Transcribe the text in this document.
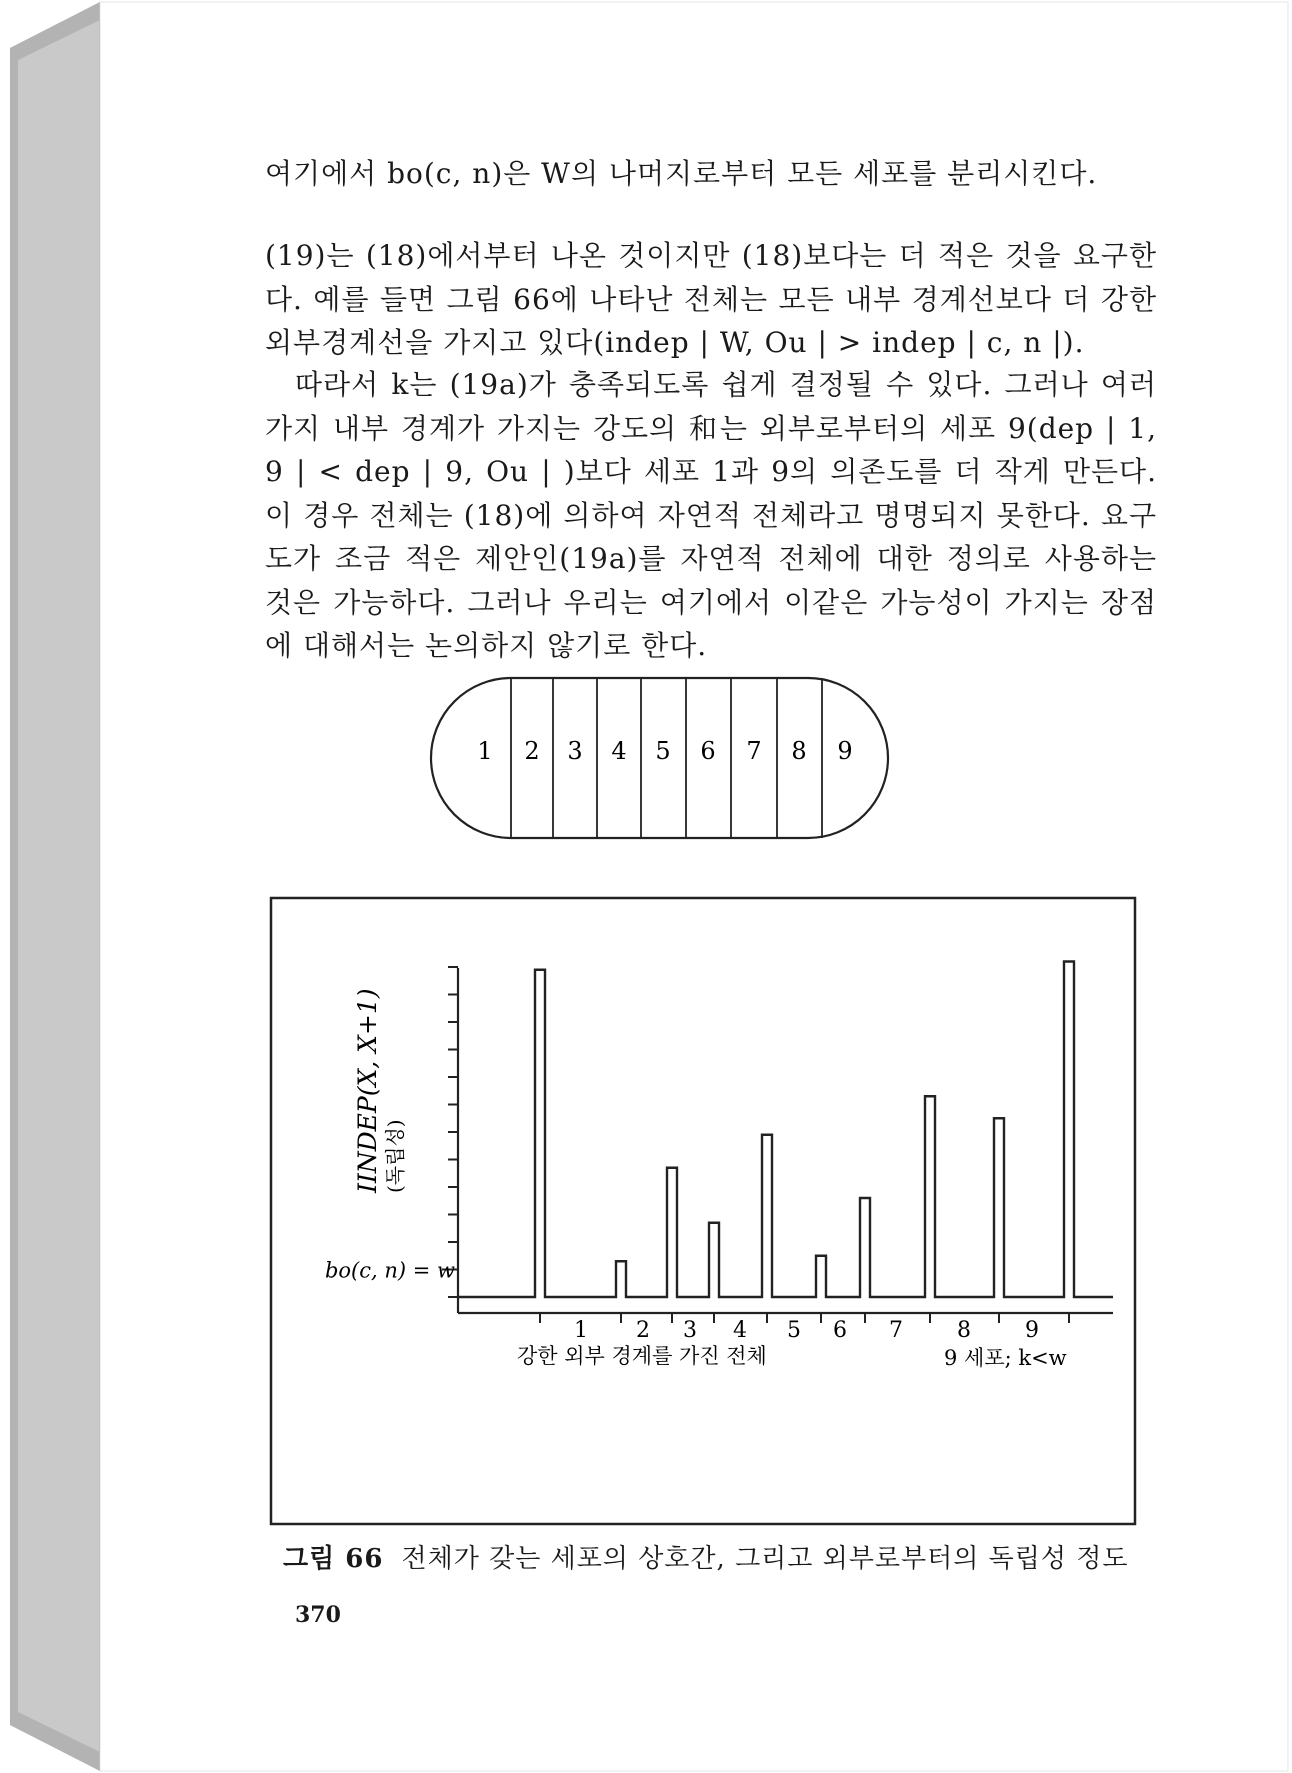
1 2 3 4 5 6 7 8 9
1 2 3 4 5 6 7 8 9
IINDEP(X, X+1) (독립성)
bo(c, n) = w
강한 외부 경계를 가진 전체	9 세포; k<w

여기에서 bo(c, n)은 W의 나머지로부터 모든 세포를 분리시킨다.

(19)는 (18)에서부터 나온 것이지만 (18)보다는 더 적은 것을 요구한다. 예를 들면 그림 66에 나타난 전체는 모든 내부 경계선보다 더 강한 외부경계선을 가지고 있다(indep | W, Ou | > indep | c, n |).

따라서 k는 (19a)가 충족되도록 쉽게 결정될 수 있다. 그러나 여러 가지 내부 경계가 가지는 강도의 和는 외부로부터의 세포 9(dep | 1, 9 | < dep | 9, Ou | )보다 세포 1과 9의 의존도를 더 작게 만든다. 이 경우 전체는 (18)에 의하여 자연적 전체라고 명명되지 못한다. 요구도가 조금 적은 제안인(19a)를 자연적 전체에 대한 정의로 사용하는 것은 가능하다. 그러나 우리는 여기에서 이같은 가능성이 가지는 장점에 대해서는 논의하지 않기로 한다.

그림 66 전체가 갖는 세포의 상호간, 그리고 외부로부터의 독립성 정도
370
